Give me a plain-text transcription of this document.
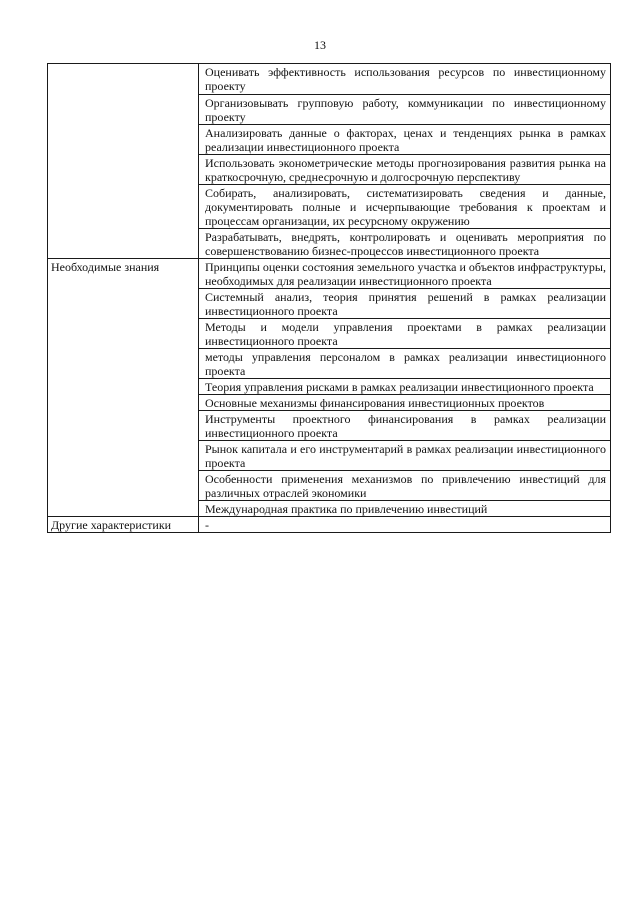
13
	Оценивать эффективность использования ресурсов по инвестиционному проекту
	Организовывать групповую работу, коммуникации по инвестиционному проекту
	Анализировать данные о факторах, ценах и тенденциях рынка в рамках реализации инвестиционного проекта
	Использовать эконометрические методы прогнозирования развития рынка на краткосрочную, среднесрочную и долгосрочную перспективу
	Собирать, анализировать, систематизировать сведения и данные, документировать полные и исчерпывающие требования к проектам и процессам организации, их ресурсному окружению
	Разрабатывать, внедрять, контролировать и оценивать мероприятия по совершенствованию бизнес-процессов инвестиционного проекта
Необходимые знания	Принципы оценки состояния земельного участка и объектов инфраструктуры, необходимых для реализации инвестиционного проекта
	Системный анализ, теория принятия решений в рамках реализации инвестиционного проекта
	Методы и модели управления проектами в рамках реализации инвестиционного проекта
	методы управления персоналом в рамках реализации инвестиционного проекта
	Теория управления рисками в рамках реализации инвестиционного проекта
	Основные механизмы финансирования инвестиционных проектов
	Инструменты проектного финансирования в рамках реализации инвестиционного проекта
	Рынок капитала и его инструментарий в рамках реализации инвестиционного проекта
	Особенности применения механизмов по привлечению инвестиций для различных отраслей экономики
	Международная практика по привлечению инвестиций
Другие характеристики	-
